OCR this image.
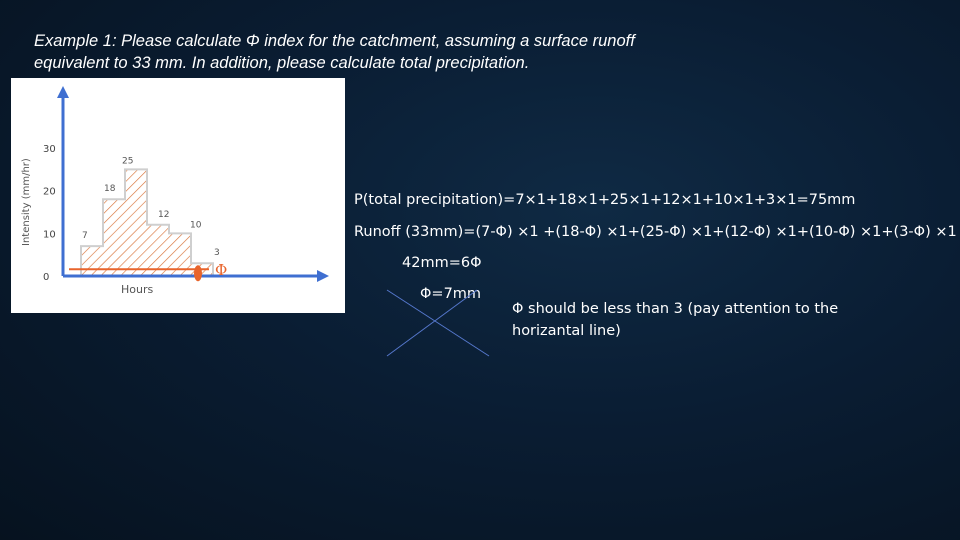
Example 1: Please calculate Φ index for the catchment, assuming a surface runoff equivalent to 33 mm. In addition, please calculate total precipitation.
0
10
20
30
7
18
25
12
10
3
Intensity (mm/hr)
Hours
Φ
P(total precipitation)=7×1+18×1+25×1+12×1+10×1+3×1=75mm
Runoff (33mm)=(7-Φ) ×1 +(18-Φ) ×1+(25-Φ) ×1+(12-Φ) ×1+(10-Φ) ×1+(3-Φ) ×1
42mm=6Φ
Φ=7mm
Φ should be less than 3 (pay attention to the horizantal line)
